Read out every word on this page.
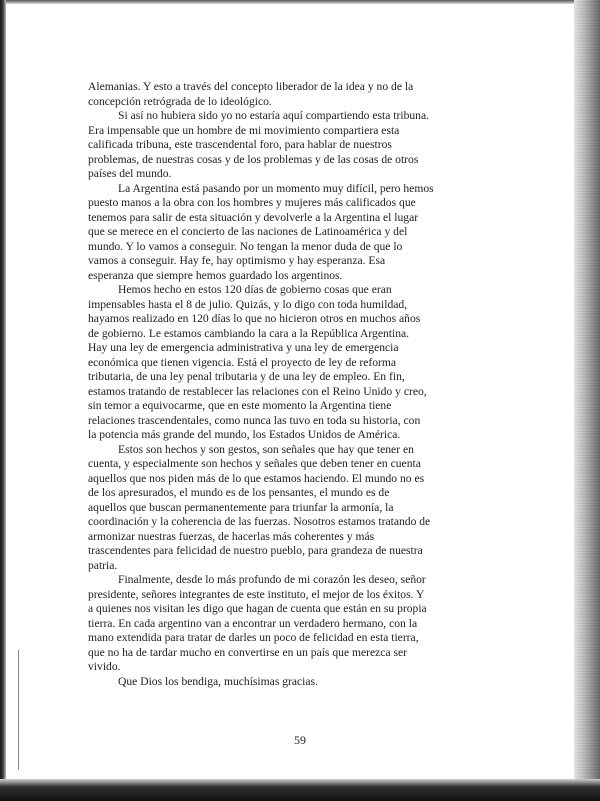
Alemanias. Y esto a través del concepto liberador de la idea y no de la
concepción retrógrada de lo ideológico.
Si así no hubiera sido yo no estaría aquí compartiendo esta tribuna.
Era impensable que un hombre de mi movimiento compartiera esta
calificada tribuna, este trascendental foro, para hablar de nuestros
problemas, de nuestras cosas y de los problemas y de las cosas de otros
países del mundo.
La Argentina está pasando por un momento muy difícil, pero hemos
puesto manos a la obra con los hombres y mujeres más calificados que
tenemos para salir de esta situación y devolverle a la Argentina el lugar
que se merece en el concierto de las naciones de Latinoamérica y del
mundo. Y lo vamos a conseguir. No tengan la menor duda de que lo
vamos a conseguir. Hay fe, hay optimismo y hay esperanza. Esa
esperanza que siempre hemos guardado los argentinos.
Hemos hecho en estos 120 días de gobierno cosas que eran
impensables hasta el 8 de julio. Quizás, y lo digo con toda humildad,
hayamos realizado en 120 días lo que no hicieron otros en muchos años
de gobierno. Le estamos cambiando la cara a la República Argentina.
Hay una ley de emergencia administrativa y una ley de emergencia
económica que tienen vigencia. Está el proyecto de ley de reforma
tributaria, de una ley penal tributaria y de una ley de empleo. En fin,
estamos tratando de restablecer las relaciones con el Reino Unido y creo,
sin temor a equivocarme, que en este momento la Argentina tiene
relaciones trascendentales, como nunca las tuvo en toda su historia, con
la potencia más grande del mundo, los Estados Unidos de América.
Estos son hechos y son gestos, son señales que hay que tener en
cuenta, y especialmente son hechos y señales que deben tener en cuenta
aquellos que nos piden más de lo que estamos haciendo. El mundo no es
de los apresurados, el mundo es de los pensantes, el mundo es de
aquellos que buscan permanentemente para triunfar la armonía, la
coordinación y la coherencia de las fuerzas. Nosotros estamos tratando de
armonizar nuestras fuerzas, de hacerlas más coherentes y más
trascendentes para felicidad de nuestro pueblo, para grandeza de nuestra
patria.
Finalmente, desde lo más profundo de mi corazón les deseo, señor
presidente, señores integrantes de este instituto, el mejor de los éxitos. Y
a quienes nos visitan les digo que hagan de cuenta que están en su propia
tierra. En cada argentino van a encontrar un verdadero hermano, con la
mano extendida para tratar de darles un poco de felicidad en esta tierra,
que no ha de tardar mucho en convertirse en un país que merezca ser
vivido.
Que Dios los bendiga, muchísimas gracias.
59
